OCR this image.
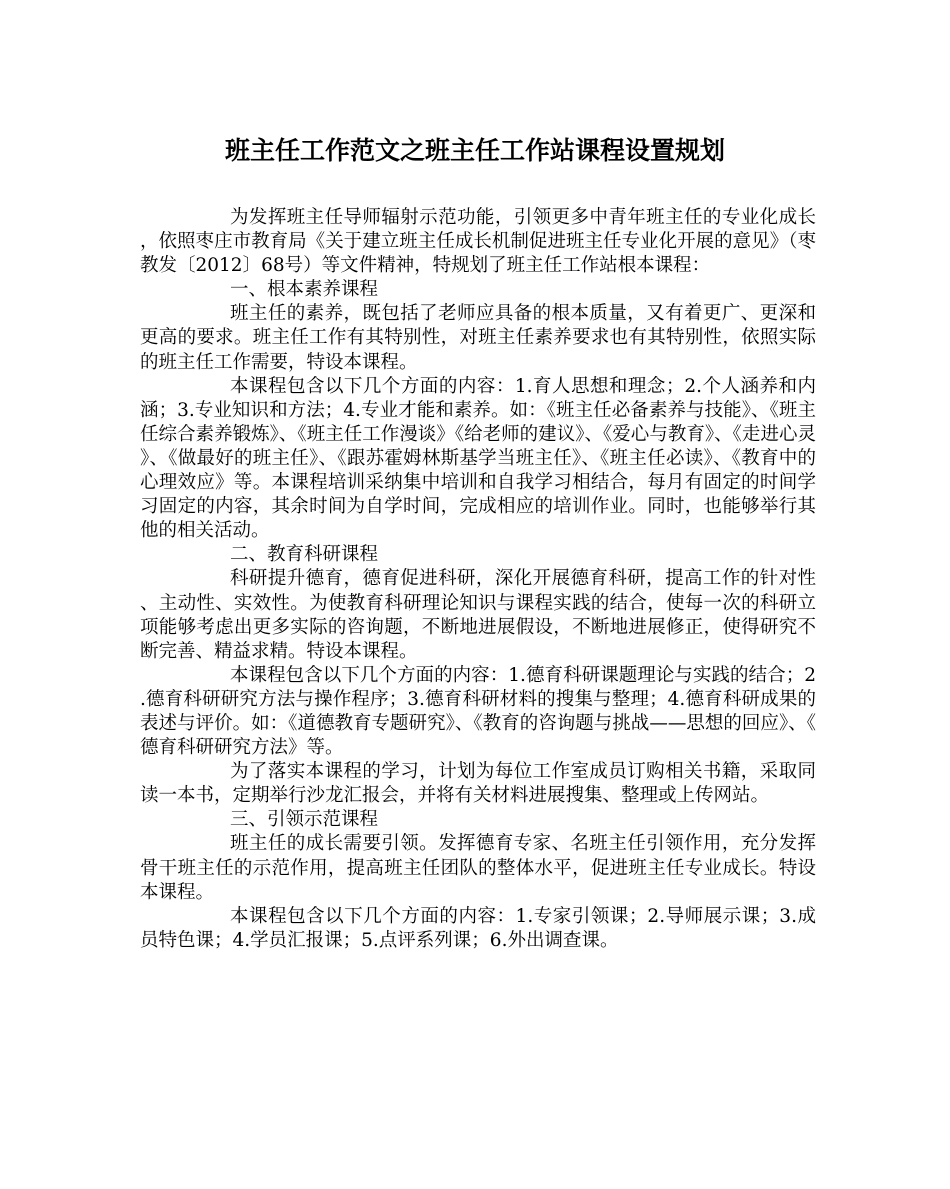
班主任工作范文之班主任工作站课程设置规划

为发挥班主任导师辐射示范功能，引领更多中青年班主任的专业化成长，依照枣庄市教育局《关于建立班主任成长机制促进班主任专业化开展的意见》（枣教发〔2012〕68号）等文件精神，特规划了班主任工作站根本课程：

一、根本素养课程

班主任的素养，既包括了老师应具备的根本质量，又有着更广、更深和更高的要求。班主任工作有其特别性，对班主任素养要求也有其特别性，依照实际的班主任工作需要，特设本课程。

本课程包含以下几个方面的内容：1.育人思想和理念；2.个人涵养和内涵；3.专业知识和方法；4.专业才能和素养。如：《班主任必备素养与技能》、《班主任综合素养锻炼》、《班主任工作漫谈》《给老师的建议》、《爱心与教育》、《走进心灵》、《做最好的班主任》、《跟苏霍姆林斯基学当班主任》、《班主任必读》、《教育中的心理效应》等。本课程培训采纳集中培训和自我学习相结合，每月有固定的时间学习固定的内容，其余时间为自学时间，完成相应的培训作业。同时，也能够举行其他的相关活动。

二、教育科研课程

科研提升德育，德育促进科研，深化开展德育科研，提高工作的针对性、主动性、实效性。为使教育科研理论知识与课程实践的结合，使每一次的科研立项能够考虑出更多实际的咨询题，不断地进展假设，不断地进展修正，使得研究不断完善、精益求精。特设本课程。

本课程包含以下几个方面的内容：1.德育科研课题理论与实践的结合；2.德育科研研究方法与操作程序；3.德育科研材料的搜集与整理；4.德育科研成果的表述与评价。如：《道德教育专题研究》、《教育的咨询题与挑战——思想的回应》、《德育科研研究方法》等。

为了落实本课程的学习，计划为每位工作室成员订购相关书籍，采取同读一本书，定期举行沙龙汇报会，并将有关材料进展搜集、整理或上传网站。

三、引领示范课程

班主任的成长需要引领。发挥德育专家、名班主任引领作用，充分发挥骨干班主任的示范作用，提高班主任团队的整体水平，促进班主任专业成长。特设本课程。

本课程包含以下几个方面的内容：1.专家引领课；2.导师展示课；3.成员特色课；4.学员汇报课；5.点评系列课；6.外出调查课。
